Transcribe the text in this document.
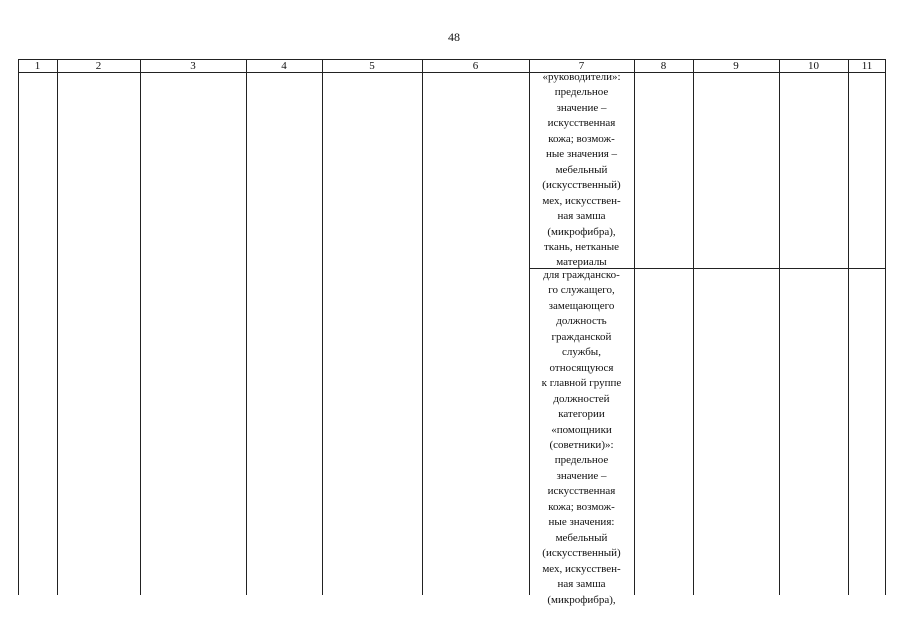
48
1	2	3	4	5	6	7	8	9	10	11
«руководители»:
предельное
значение –
искусственная
кожа; возмож-
ные значения –
мебельный
(искусственный)
мех, искусствен-
ная замша
(микрофибра),
ткань, нетканые
материалы
для гражданско-
го служащего,
замещающего
должность
гражданской
службы,
относящуюся
к главной группе
должностей
категории
«помощники
(советники)»:
предельное
значение –
искусственная
кожа; возмож-
ные значения:
мебельный
(искусственный)
мех, искусствен-
ная замша
(микрофибра),
